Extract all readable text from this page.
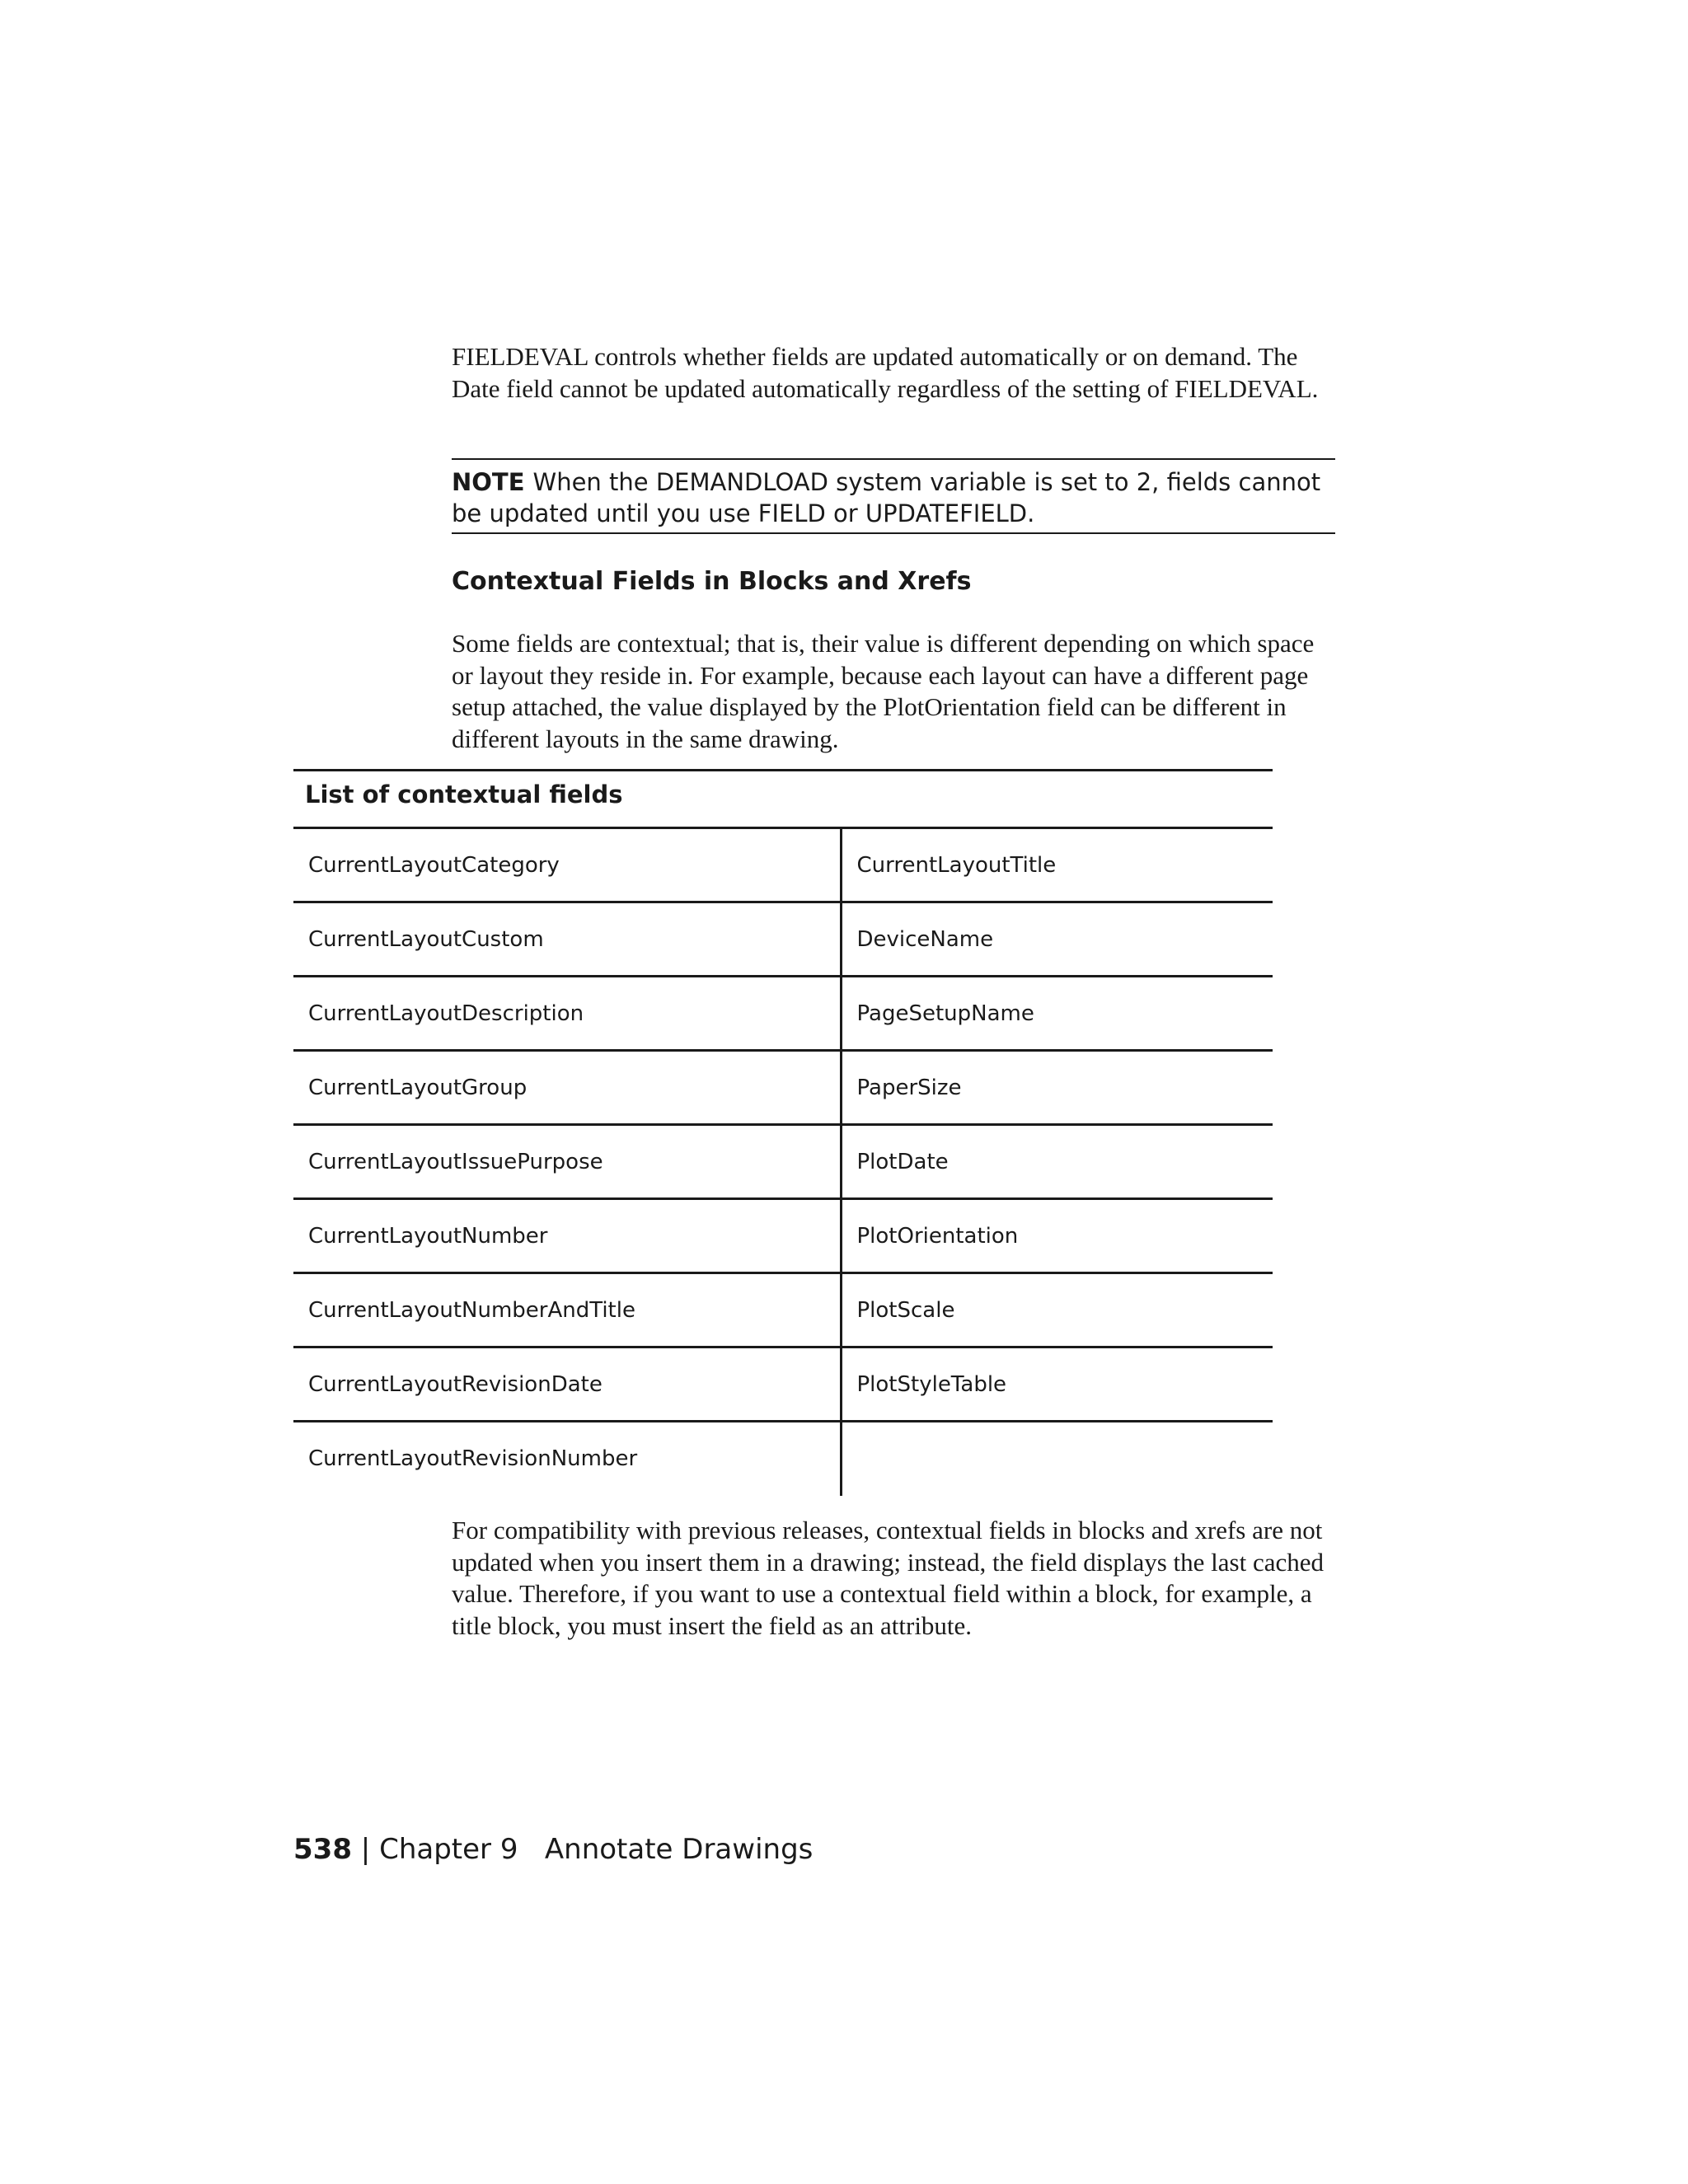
FIELDEVAL controls whether fields are updated automatically or on demand. The Date field cannot be updated automatically regardless of the setting of FIELDEVAL.

NOTE When the DEMANDLOAD system variable is set to 2, fields cannot be updated until you use FIELD or UPDATEFIELD.
Contextual Fields in Blocks and Xrefs

Some fields are contextual; that is, their value is different depending on which space or layout they reside in. For example, because each layout can have a different page setup attached, the value displayed by the PlotOrientation field can be different in different layouts in the same drawing.

List of contextual fields
CurrentLayoutCategory	CurrentLayoutTitle
CurrentLayoutCustom	DeviceName
CurrentLayoutDescription	PageSetupName
CurrentLayoutGroup	PaperSize
CurrentLayoutIssuePurpose	PlotDate
CurrentLayoutNumber	PlotOrientation
CurrentLayoutNumberAndTitle	PlotScale
CurrentLayoutRevisionDate	PlotStyleTable
CurrentLayoutRevisionNumber	

For compatibility with previous releases, contextual fields in blocks and xrefs are not updated when you insert them in a drawing; instead, the field displays the last cached value. Therefore, if you want to use a contextual field within a block, for example, a title block, you must insert the field as an attribute.

538 | Chapter 9 Annotate Drawings
